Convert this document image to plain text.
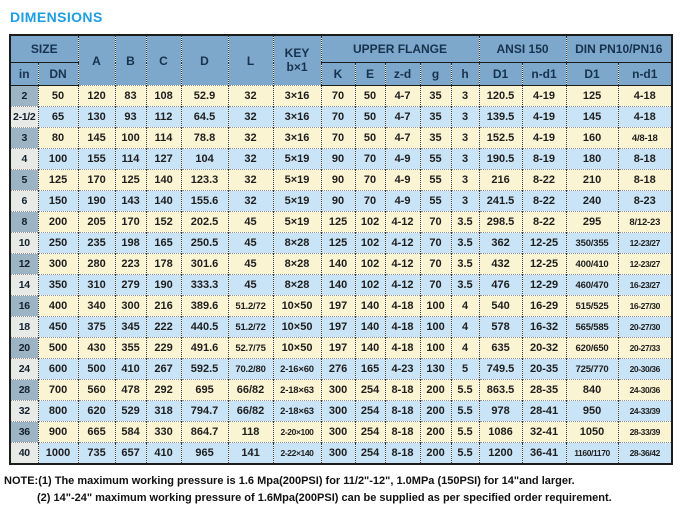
DIMENSIONS
SIZE		A	B	C	D	L	KEY
b×1	UPPER FLANGE					ANSI 150		DIN PN10/PN16	
in	DN							K	E	z-d	g	h	D1	n-d1	D1	n-d1
2	50	120	83	108	52.9	32	3×16	70	50	4-7	35	3	120.5	4-19	125	4-18
2-1/2	65	130	93	112	64.5	32	3×16	70	50	4-7	35	3	139.5	4-19	145	4-18
3	80	145	100	114	78.8	32	3×16	70	50	4-7	35	3	152.5	4-19	160	4/8-18
4	100	155	114	127	104	32	5×19	90	70	4-9	55	3	190.5	8-19	180	8-18
5	125	170	125	140	123.3	32	5×19	90	70	4-9	55	3	216	8-22	210	8-18
6	150	190	143	140	155.6	32	5×19	90	70	4-9	55	3	241.5	8-22	240	8-23
8	200	205	170	152	202.5	45	5×19	125	102	4-12	70	3.5	298.5	8-22	295	8/12-23
10	250	235	198	165	250.5	45	8×28	125	102	4-12	70	3.5	362	12-25	350/355	12-23/27
12	300	280	223	178	301.6	45	8×28	140	102	4-12	70	3.5	432	12-25	400/410	12-23/27
14	350	310	279	190	333.3	45	8×28	140	102	4-12	70	3.5	476	12-29	460/470	16-23/27
16	400	340	300	216	389.6	51.2/72	10×50	197	140	4-18	100	4	540	16-29	515/525	16-27/30
18	450	375	345	222	440.5	51.2/72	10×50	197	140	4-18	100	4	578	16-32	565/585	20-27/30
20	500	430	355	229	491.6	52.7/75	10×50	197	140	4-18	100	4	635	20-32	620/650	20-27/33
24	600	500	410	267	592.5	70.2/80	2-16×60	276	165	4-23	130	5	749.5	20-35	725/770	20-30/36
28	700	560	478	292	695	66/82	2-18×63	300	254	8-18	200	5.5	863.5	28-35	840	24-30/36
32	800	620	529	318	794.7	66/82	2-18×63	300	254	8-18	200	5.5	978	28-41	950	24-33/39
36	900	665	584	330	864.7	118	2-20×100	300	254	8-18	200	5.5	1086	32-41	1050	28-33/39
40	1000	735	657	410	965	141	2-22×140	300	254	8-18	200	5.5	1200	36-41	1160/1170	28-36/42
NOTE:(1) The maximum working pressure is 1.6 Mpa(200PSI) for 11/2"-12", 1.0MPa (150PSI) for 14"and larger.
(2) 14"-24" maximum working pressure of 1.6Mpa(200PSI) can be supplied as per specified order requirement.
